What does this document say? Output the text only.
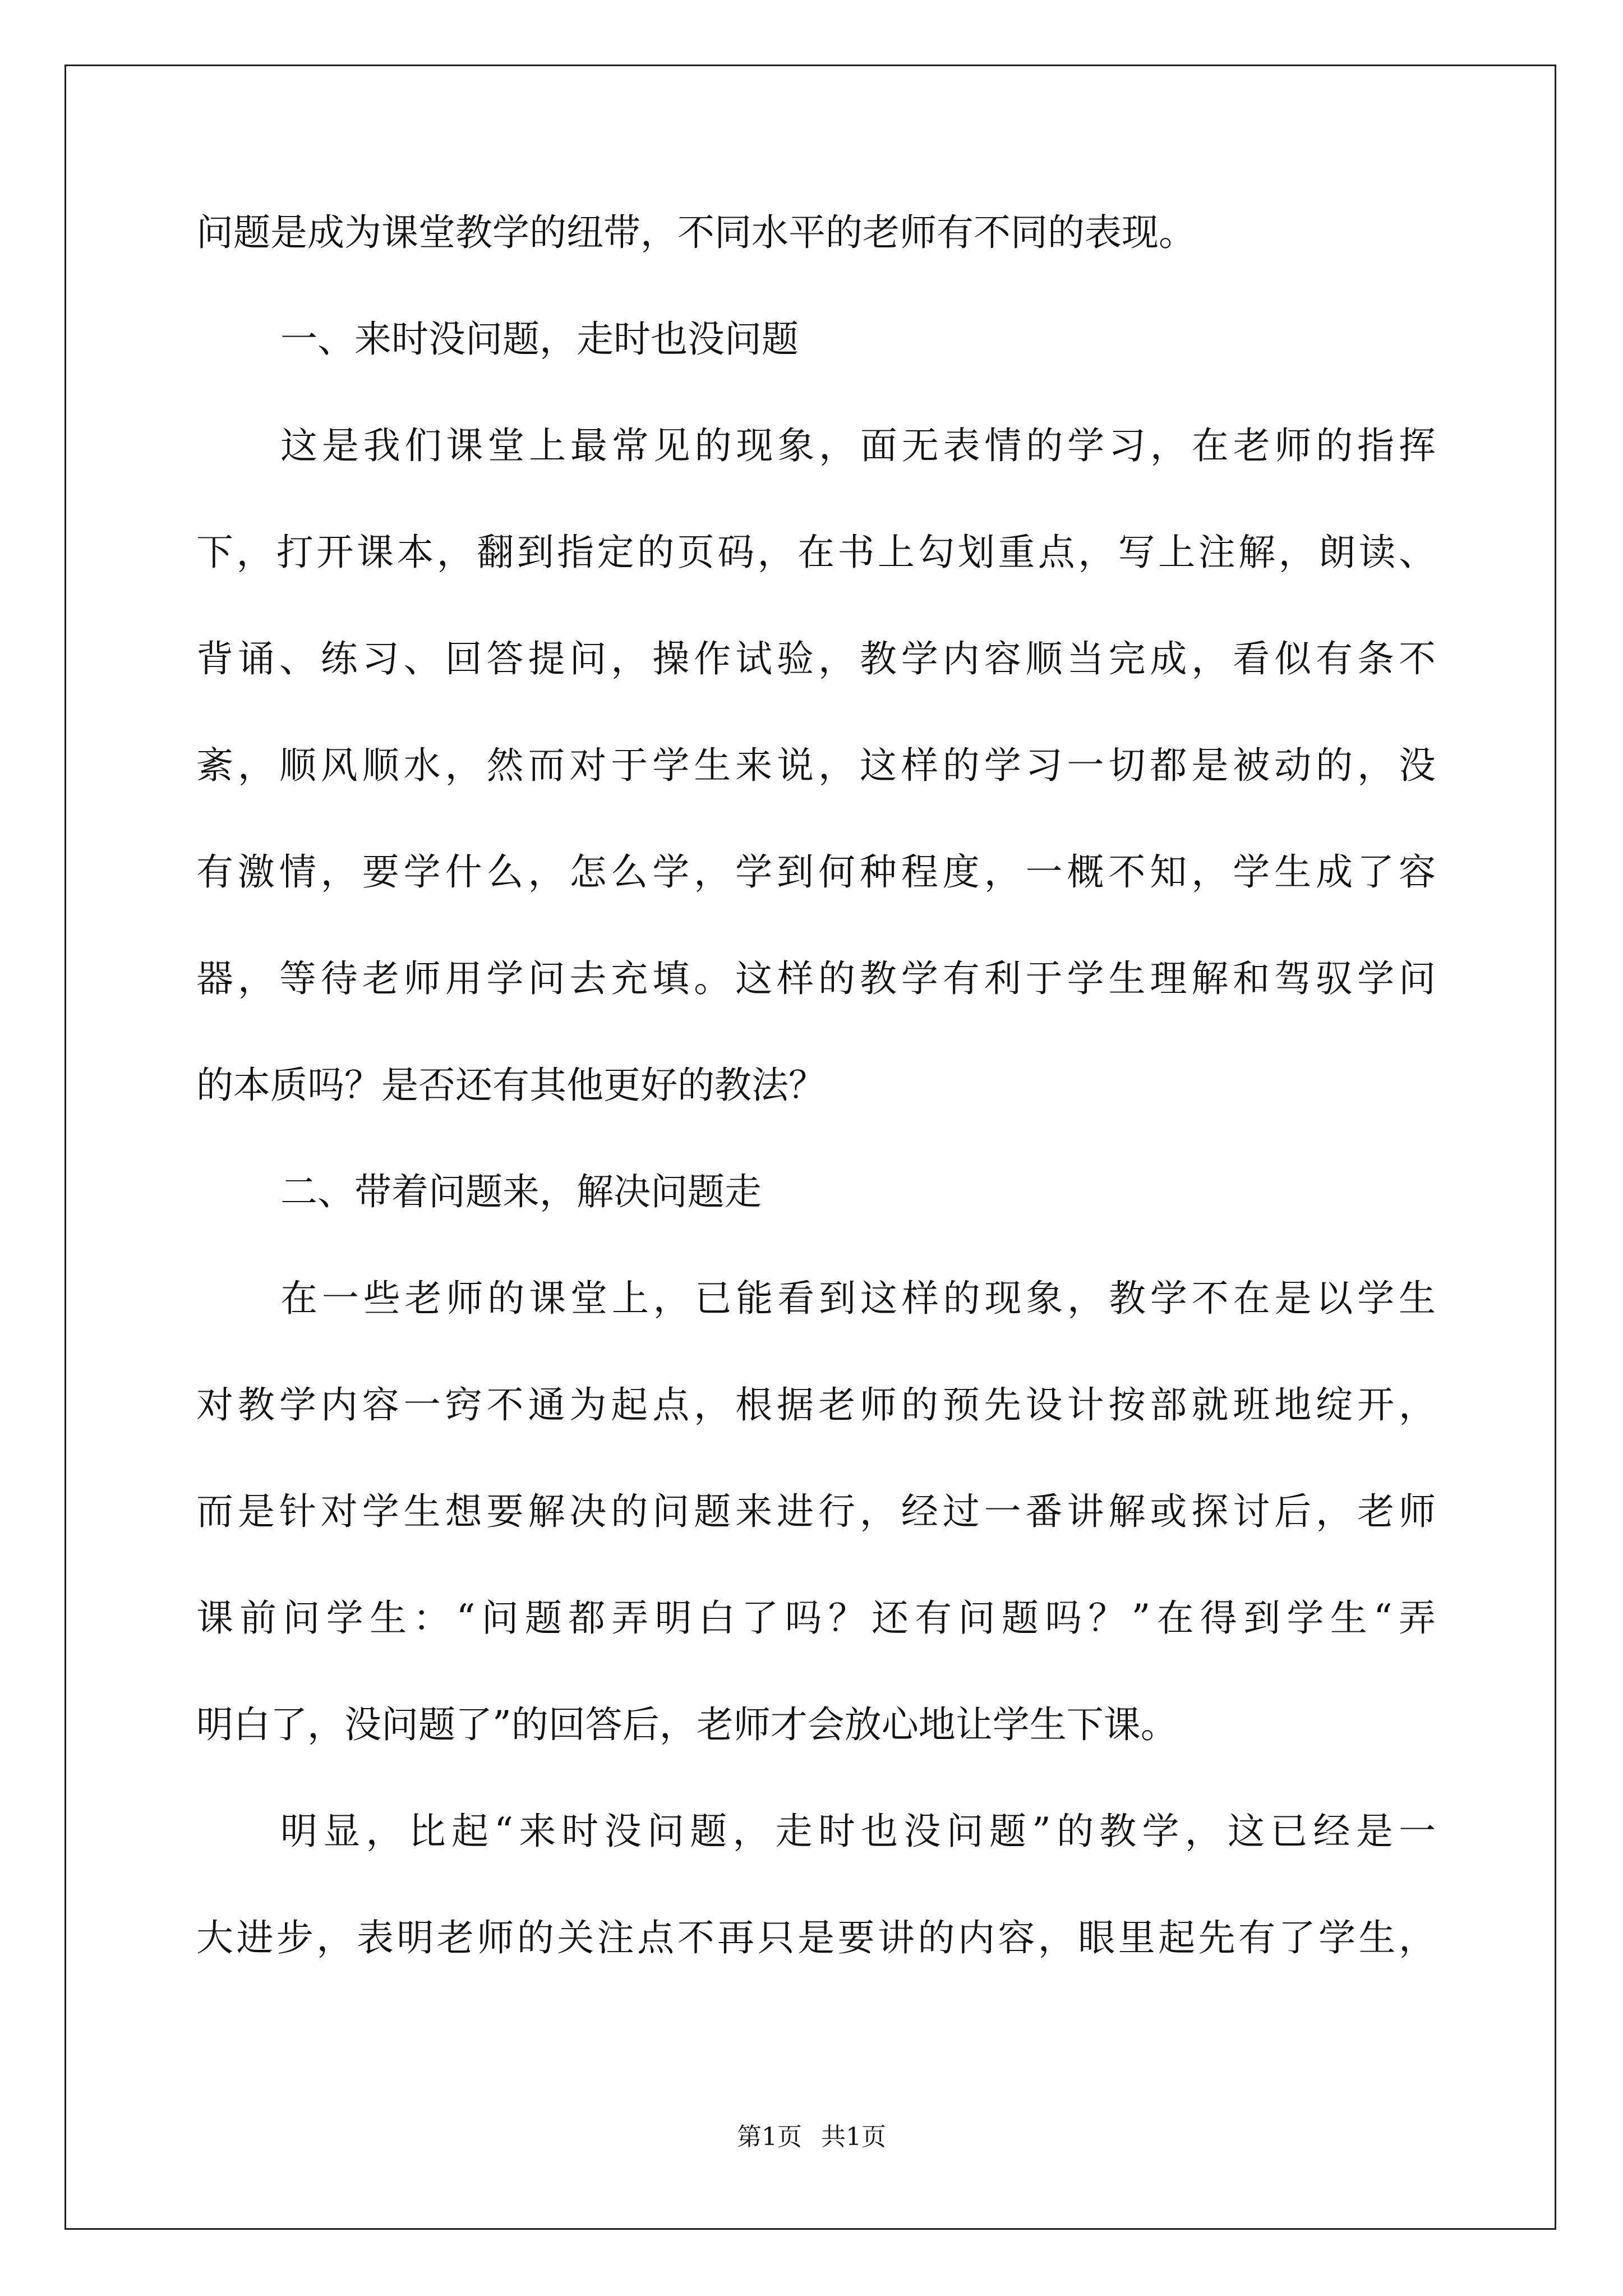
问题是成为课堂教学的纽带，不同水平的老师有不同的表现。
一、来时没问题，走时也没问题
这是我们课堂上最常见的现象，面无表情的学习，在老师的指挥
下，打开课本，翻到指定的页码，在书上勾划重点，写上注解，朗读、
背诵、练习、回答提问，操作试验，教学内容顺当完成，看似有条不
紊，顺风顺水，然而对于学生来说，这样的学习一切都是被动的，没
有激情，要学什么，怎么学，学到何种程度，一概不知，学生成了容
器，等待老师用学问去充填。这样的教学有利于学生理解和驾驭学问
的本质吗？是否还有其他更好的教法？
二、带着问题来，解决问题走
在一些老师的课堂上，已能看到这样的现象，教学不在是以学生
对教学内容一窍不通为起点，根据老师的预先设计按部就班地绽开，
而是针对学生想要解决的问题来进行，经过一番讲解或探讨后，老师
课前问学生：“问题都弄明白了吗？还有问题吗？”在得到学生“弄
明白了，没问题了”的回答后，老师才会放心地让学生下课。
明显，比起“来时没问题，走时也没问题”的教学，这已经是一
大进步，表明老师的关注点不再只是要讲的内容，眼里起先有了学生，
第1页 共1页
